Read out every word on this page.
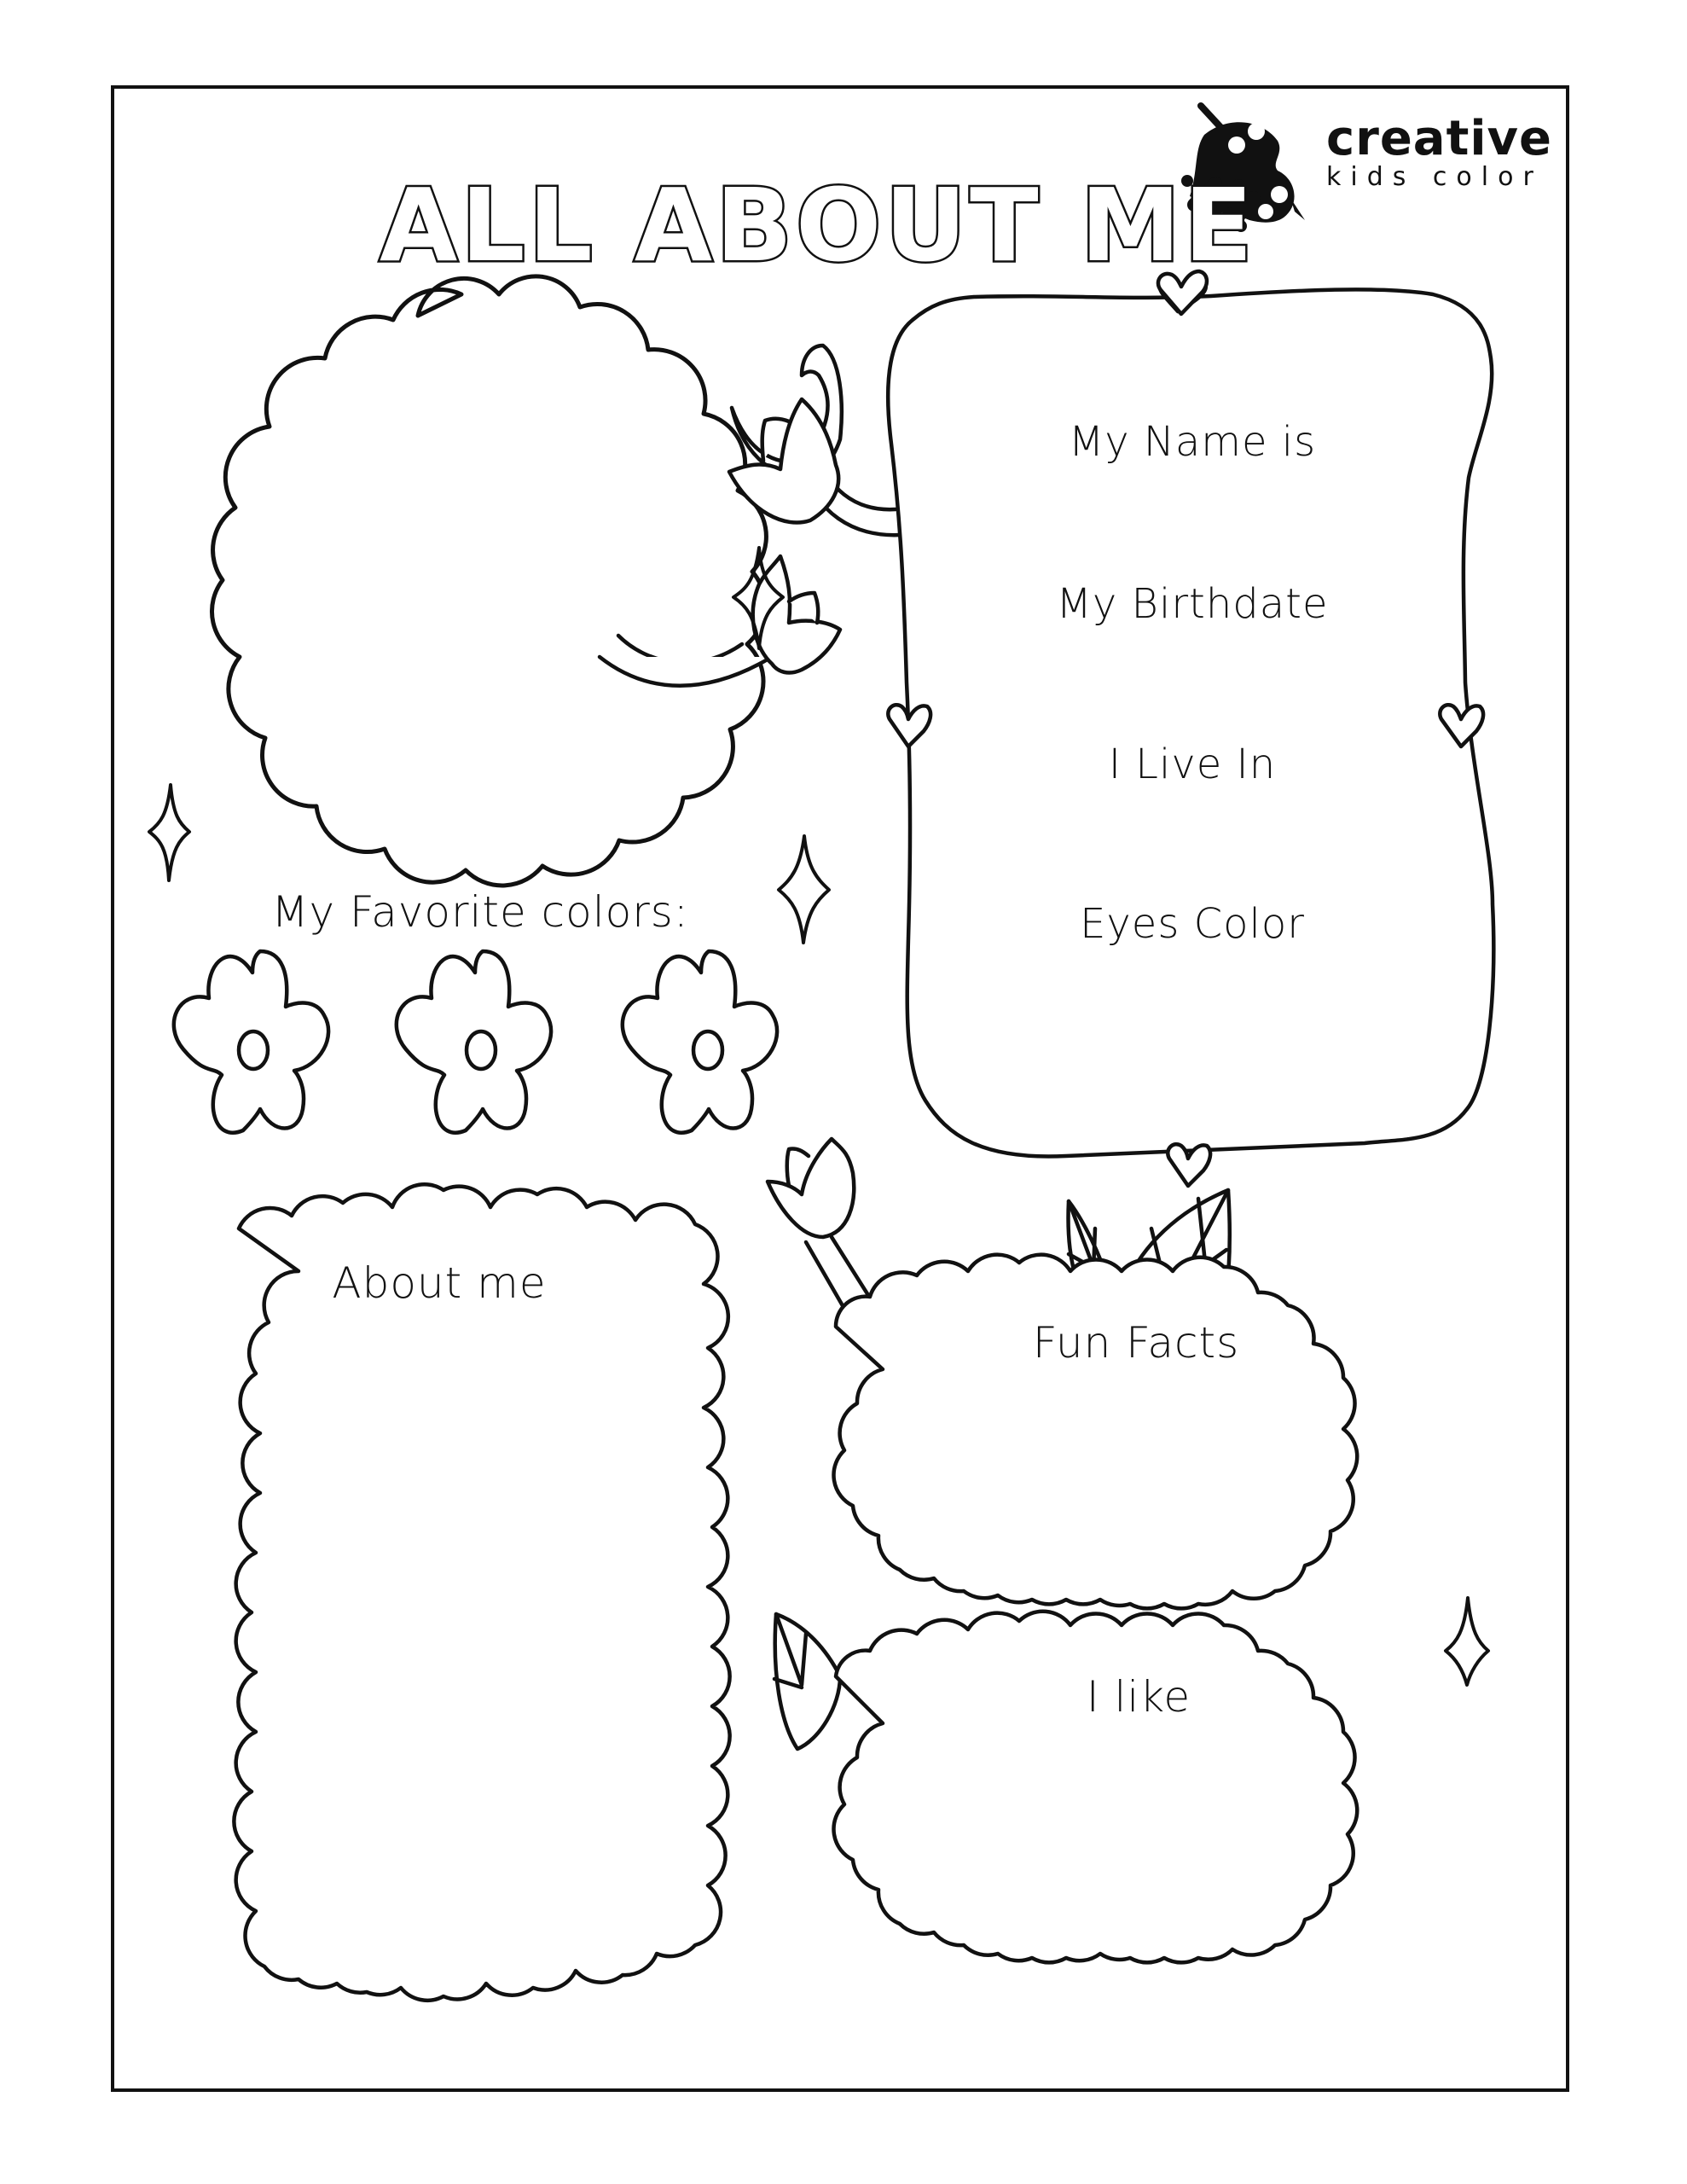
ALL ABOUT ME
creative
kids color
My Name is
My Birthdate
I Live In
Eyes Color
My Favorite colors:
About me
Fun Facts
I like
